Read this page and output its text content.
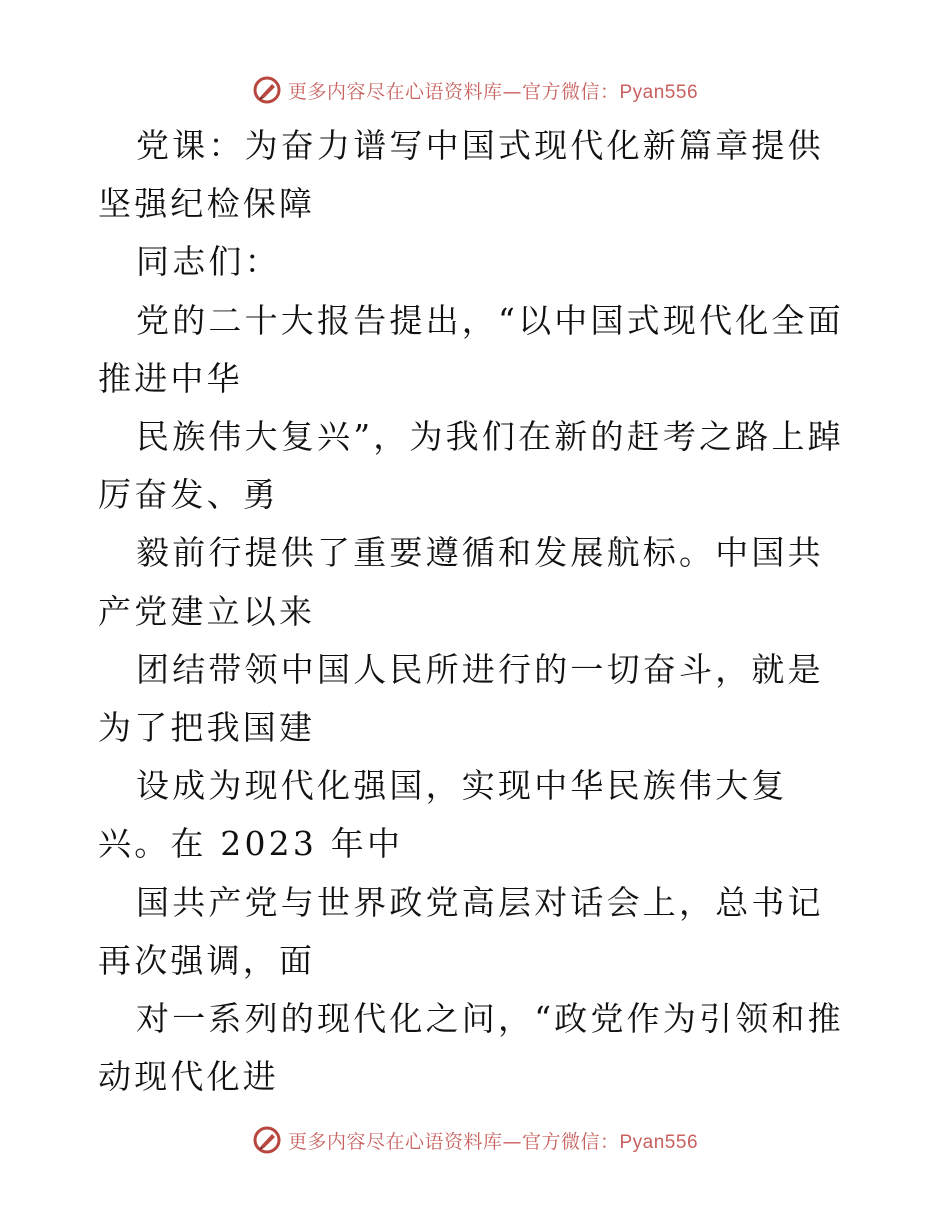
更多内容尽在心语资料库—官方微信：Pyan556

党课：为奋力谱写中国式现代化新篇章提供坚强纪检保障

同志们：

党的二十大报告提出，“以中国式现代化全面推进中华

民族伟大复兴”，为我们在新的赶考之路上踔厉奋发、勇

毅前行提供了重要遵循和发展航标。中国共产党建立以来

团结带领中国人民所进行的一切奋斗，就是为了把我国建

设成为现代化强国，实现中华民族伟大复兴。在 2023 年中

国共产党与世界政党高层对话会上，总书记再次强调，面

对一系列的现代化之问，“政党作为引领和推动现代化进

更多内容尽在心语资料库—官方微信：Pyan556
